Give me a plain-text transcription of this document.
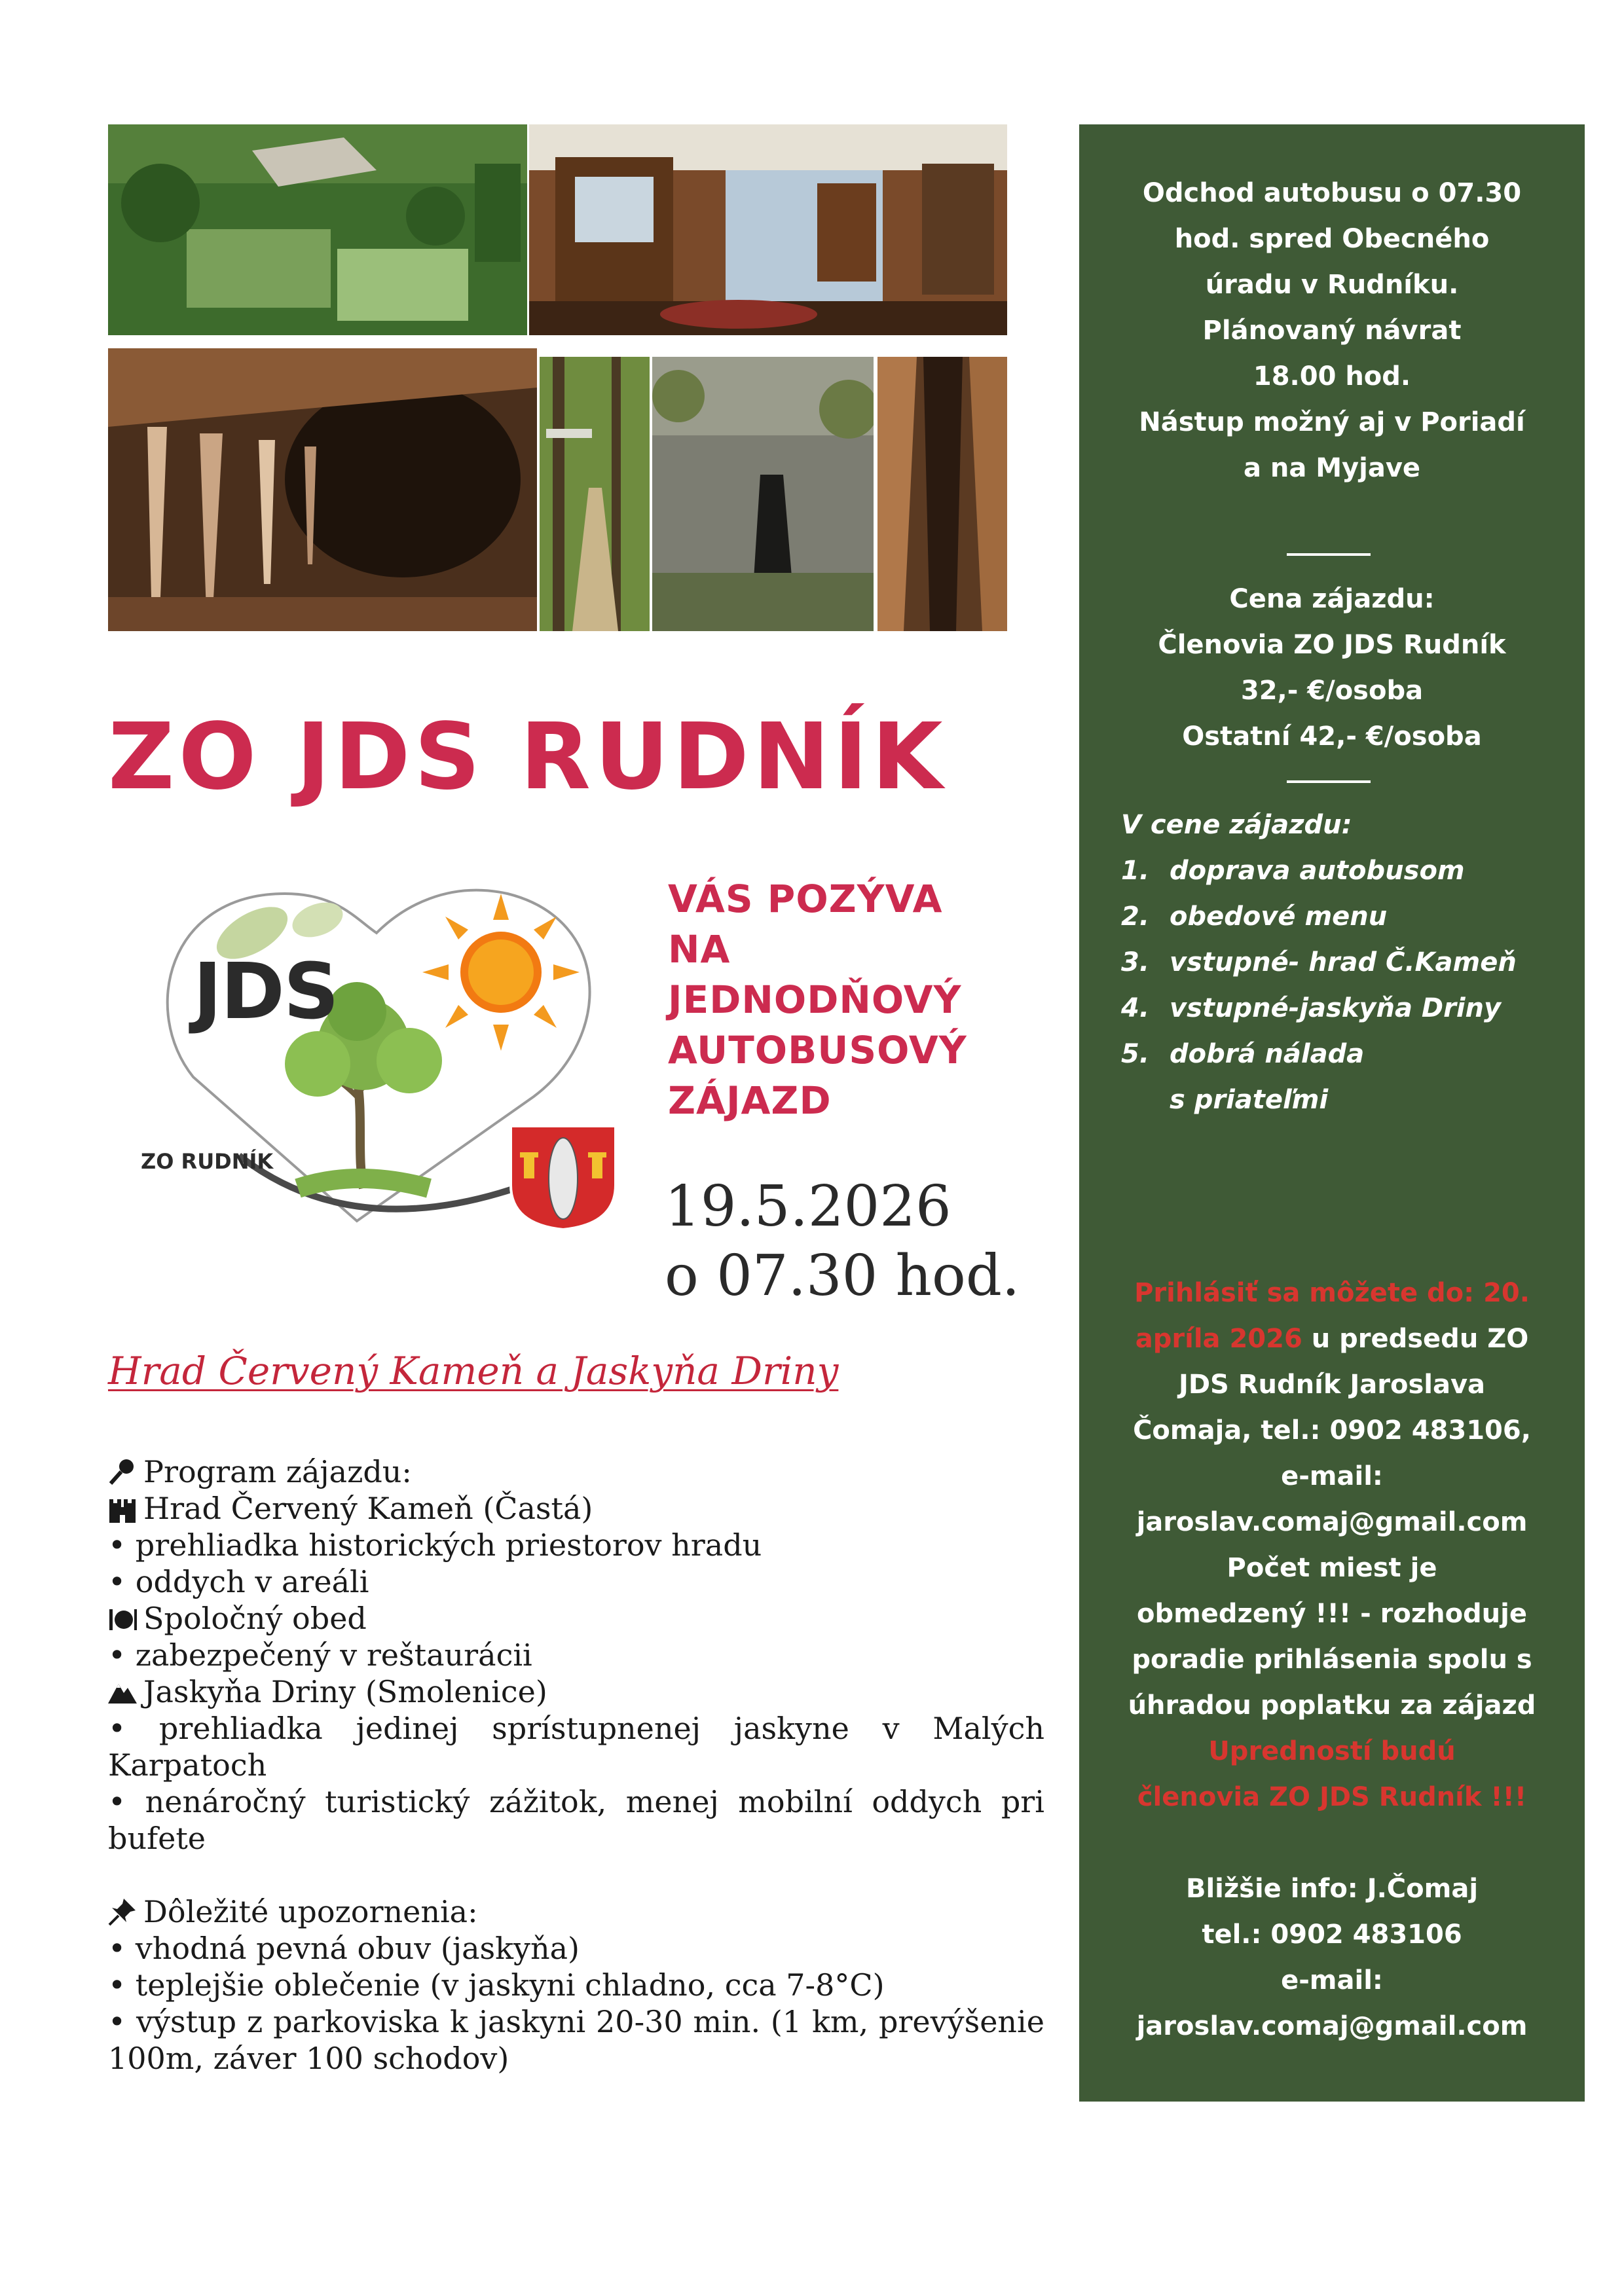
ZO JDS RUDNÍK
JDS
ZO RUDNÍK
VÁS POZÝVA
NA
JEDNODŇOVÝ
AUTOBUSOVÝ
ZÁJAZD
19.5.2026
o 07.30 hod.
Hrad Červený Kameň a Jaskyňa Driny
Program zájazdu:
Hrad Červený Kameň (Častá)
• prehliadka historických priestorov hradu
• oddych v areáli
Spoločný obed
• zabezpečený v reštaurácii
Jaskyňa Driny (Smolenice)
• prehliadka jedinej sprístupnenej jaskyne v Malých Karpatoch
• nenáročný turistický zážitok, menej mobilní oddych pri bufete
Dôležité upozornenia:
• vhodná pevná obuv (jaskyňa)
• teplejšie oblečenie (v jaskyni chladno, cca 7-8°C)
• výstup z parkoviska k jaskyni 20-30 min. (1 km, prevýšenie 100m, záver 100 schodov)
Odchod autobusu o 07.30
hod. spred Obecného
úradu v Rudníku.
Plánovaný návrat
18.00 hod.
Nástup možný aj v Poriadí
a na Myjave
Cena zájazdu:
Členovia ZO JDS Rudník
32,- €/osoba
Ostatní 42,- €/osoba
Prihlásiť sa môžete do: 20.
apríla 2026 u predsedu ZO
JDS Rudník Jaroslava
Čomaja, tel.: 0902 483106,
e-mail:
jaroslav.comaj@gmail.com
Počet miest je
obmedzený !!! - rozhoduje
poradie prihlásenia spolu s
úhradou poplatku za zájazd
Upredností budú
členovia ZO JDS Rudník !!!
Bližšie info: J.Čomaj
tel.: 0902 483106
e-mail:
jaroslav.comaj@gmail.com
V cene zájazdu:
1. doprava autobusom
2. obedové menu
3. vstupné- hrad Č.Kameň
4. vstupné-jaskyňa Driny
5. dobrá nálada
s priateľmi
